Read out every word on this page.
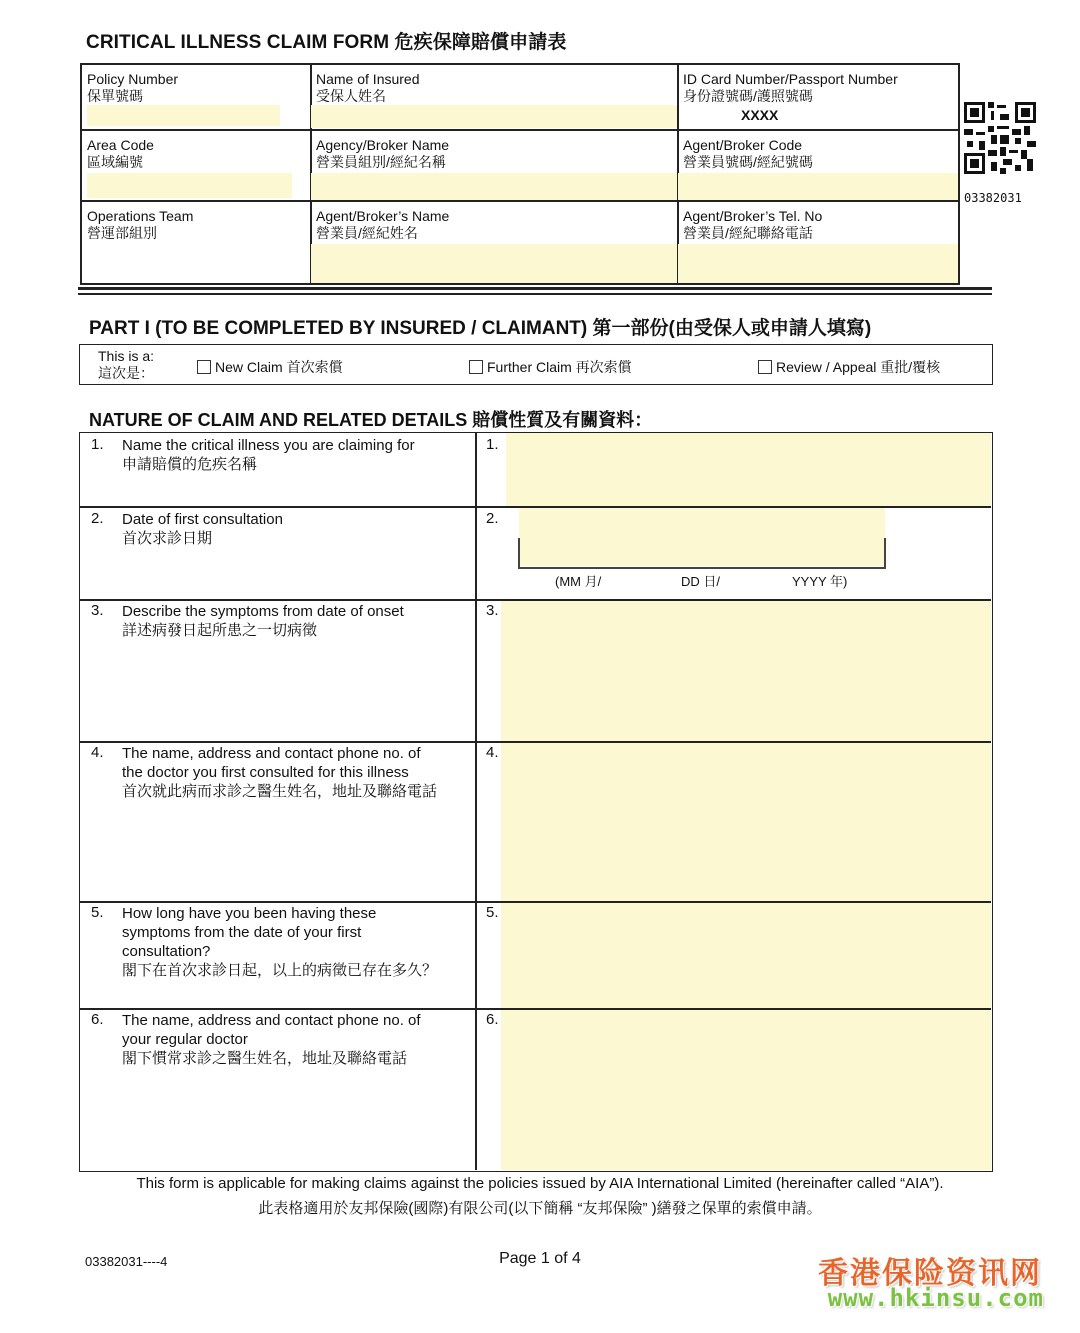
CRITICAL ILLNESS CLAIM FORM 危疾保障賠償申請表
Policy Number
保單號碼
Name of Insured
受保人姓名
ID Card Number/Passport Number
身份證號碼/護照號碼
XXXX
Area Code
區域編號
Agency/Broker Name
營業員組別/經紀名稱
Agent/Broker Code
營業員號碼/經紀號碼
Operations Team
營運部組別
Agent/Broker’s Name
營業員/經紀姓名
Agent/Broker’s Tel. No
營業員/經紀聯絡電話
03382031
PART I (TO BE COMPLETED BY INSURED / CLAIMANT) 第一部份(由受保人或申請人填寫)
This is a:
這次是：	New Claim 首次索償	Further Claim 再次索償	Review / Appeal 重批/覆核
NATURE OF CLAIM AND RELATED DETAILS 賠償性質及有關資料：
1. Name the critical illness you are claiming for
申請賠償的危疾名稱
1.
2. Date of first consultation
首次求診日期
2.
(MM 月/	DD 日/	YYYY 年)
3. Describe the symptoms from date of onset
詳述病發日起所患之一切病徵
3.
4. The name, address and contact phone no. of
the doctor you first consulted for this illness
首次就此病而求診之醫生姓名，地址及聯絡電話
4.
5. How long have you been having these
symptoms from the date of your first
consultation?
閣下在首次求診日起，以上的病徵已存在多久？
5.
6. The name, address and contact phone no. of
your regular doctor
閣下慣常求診之醫生姓名，地址及聯絡電話
6.
This form is applicable for making claims against the policies issued by AIA International Limited (hereinafter called “AIA”).
此表格適用於友邦保險(國際)有限公司(以下簡稱 “友邦保險” )繕發之保單的索償申請。
03382031----4	Page 1 of 4	香港保险资讯网
www.hkinsu.com
